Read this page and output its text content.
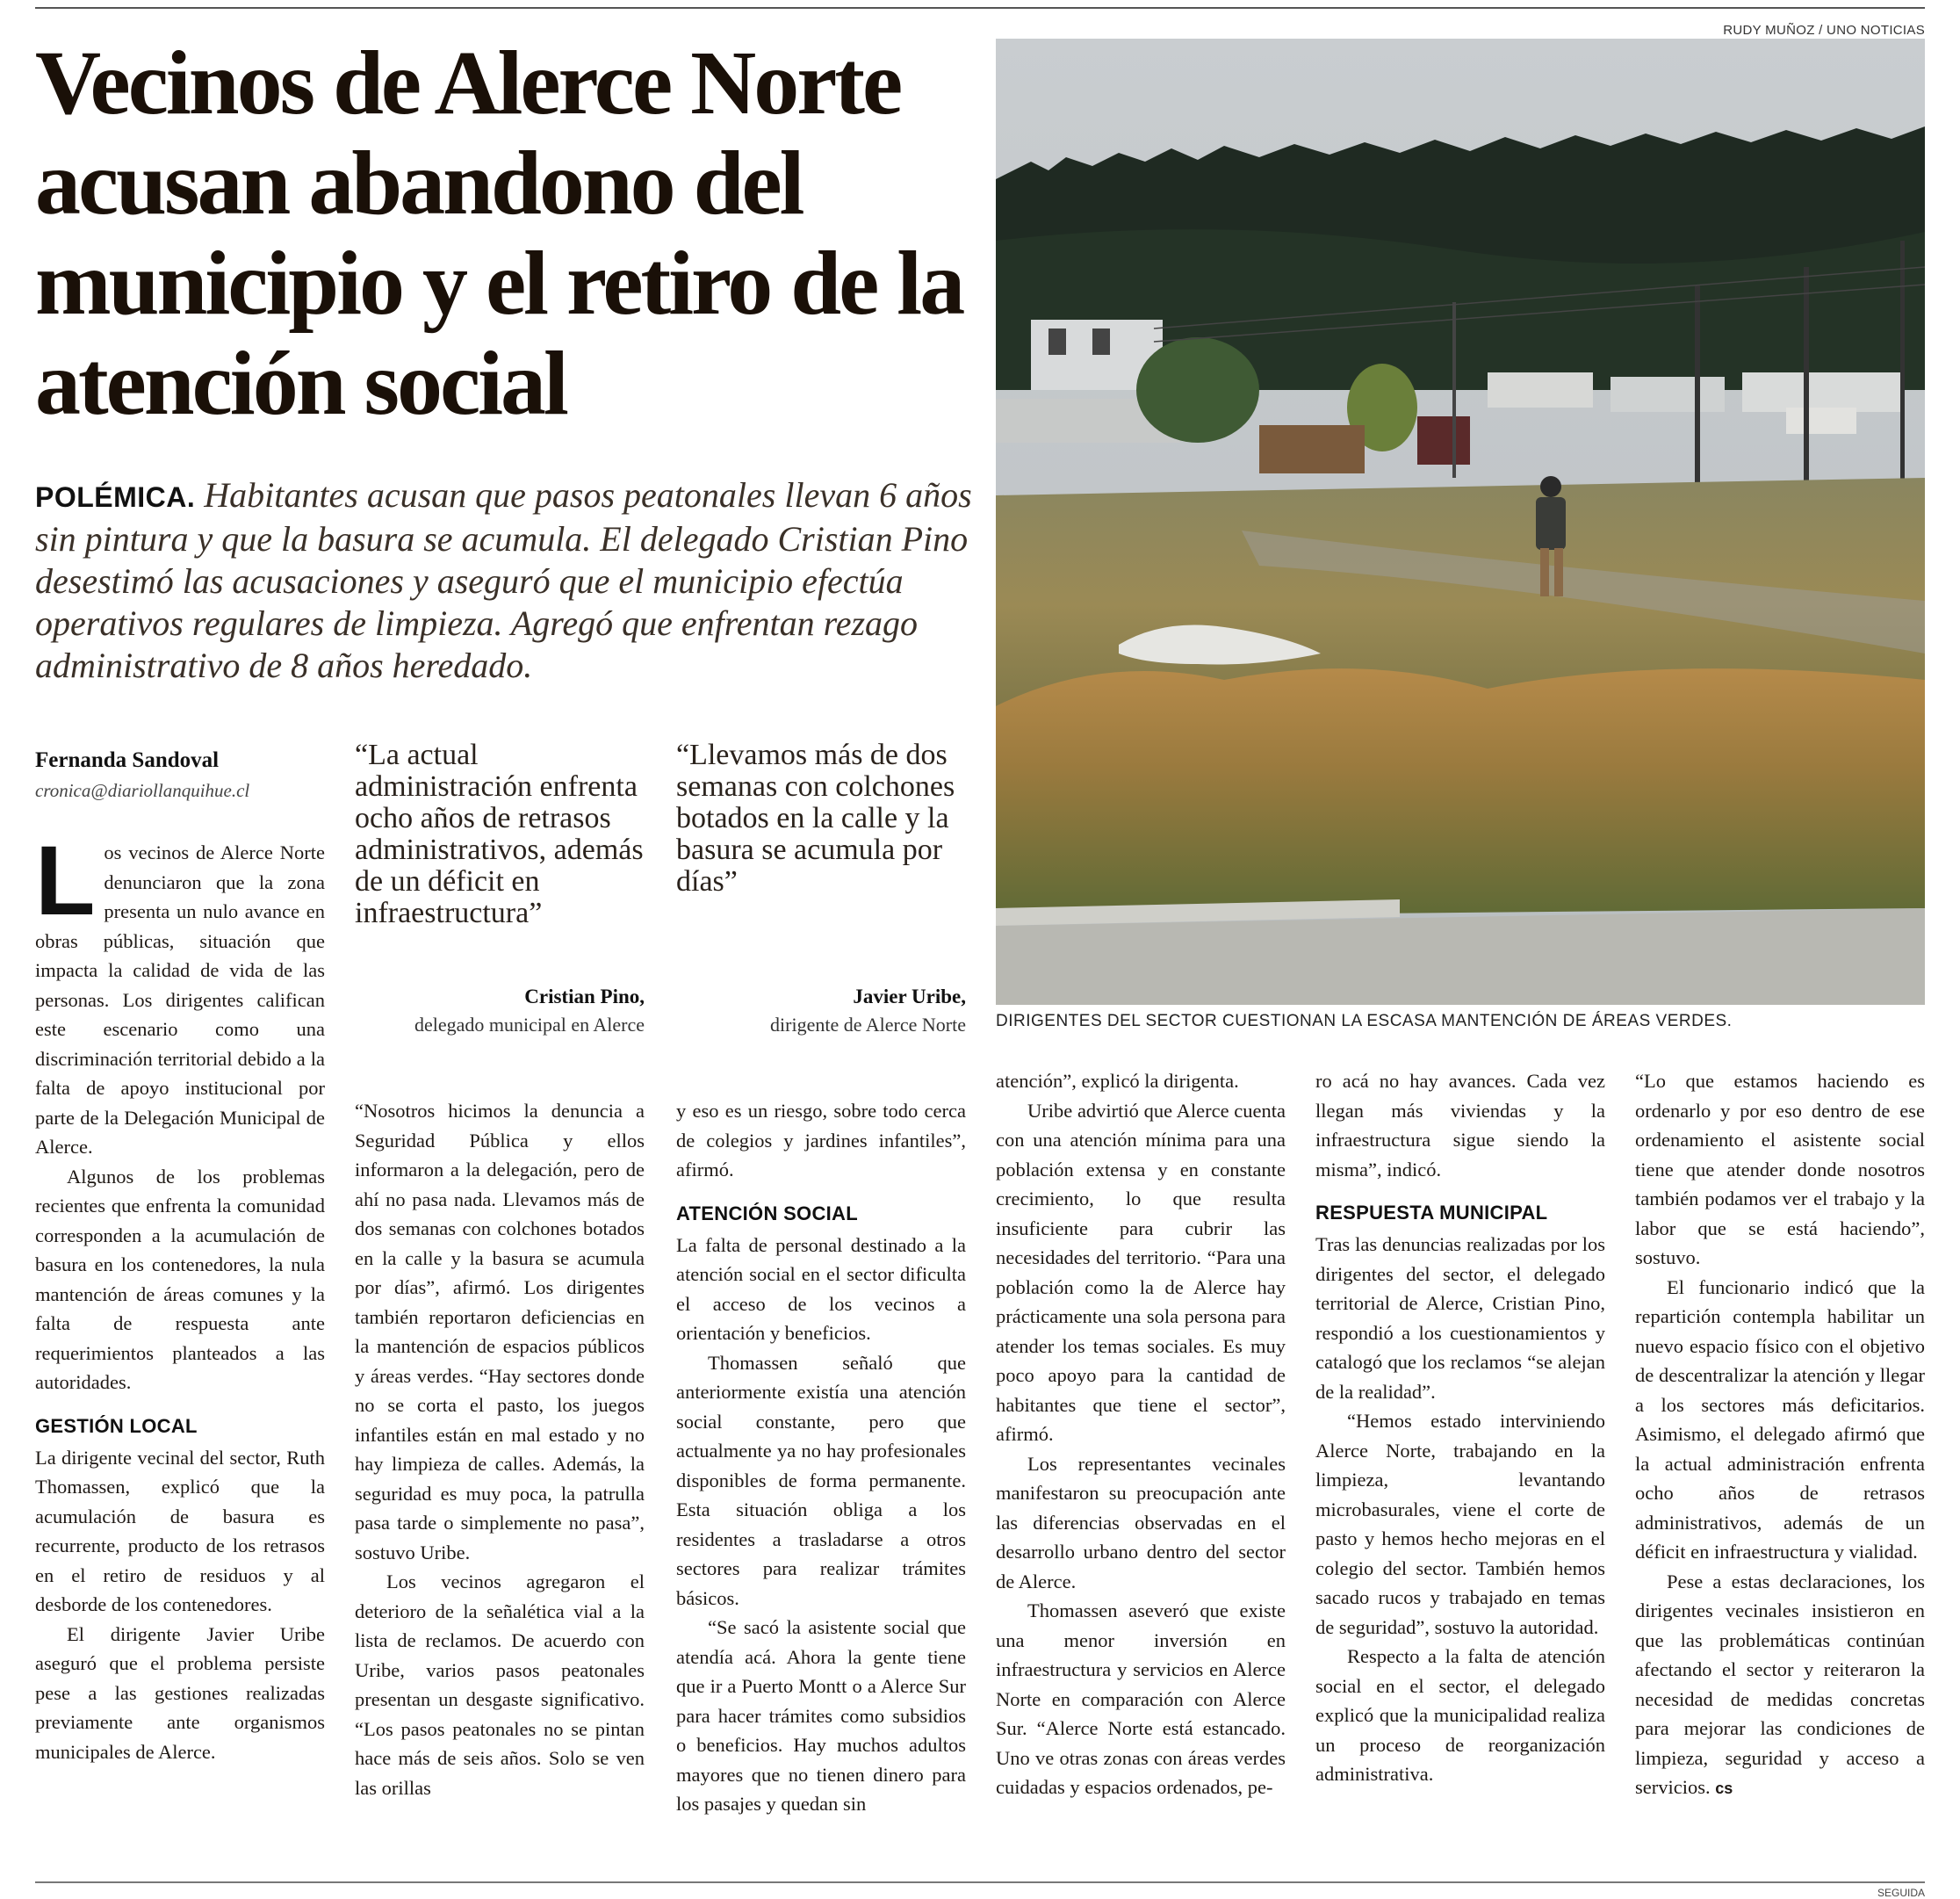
Vecinos de Alerce Norte acusan abandono del municipio y el retiro de la atención social

POLÉMICA. Habitantes acusan que pasos peatonales llevan 6 años sin pintura y que la basura se acumula. El delegado Cristian Pino desestimó las acusaciones y aseguró que el municipio efectúa operativos regulares de limpieza. Agregó que enfrentan rezago administrativo de 8 años heredado.

RUDY MUÑOZ / UNO NOTICIAS
DIRIGENTES DEL SECTOR CUESTIONAN LA ESCASA MANTENCIÓN DE ÁREAS VERDES.
Fernanda Sandoval
cronica@diariollanquihue.cl
“La actual administración enfrenta ocho años de retrasos administrativos, además de un déficit en infraestructura”
Cristian Pino,
delegado municipal en Alerce
“Llevamos más de dos semanas con colchones botados en la calle y la basura se acumula por días”
Javier Uribe,
dirigente de Alerce Norte

Los vecinos de Alerce Norte denunciaron que la zona presenta un nulo avance en obras públicas, situación que impacta la calidad de vida de las personas. Los dirigentes califican este escenario como una discriminación territorial debido a la falta de apoyo institucional por parte de la Delegación Municipal de Alerce.

Algunos de los problemas recientes que enfrenta la comunidad corresponden a la acumulación de basura en los contenedores, la nula mantención de áreas comunes y la falta de respuesta ante requerimientos planteados a las autoridades.

GESTIÓN LOCAL

La dirigente vecinal del sector, Ruth Thomassen, explicó que la acumulación de basura es recurrente, producto de los retrasos en el retiro de residuos y al desborde de los contenedores.

El dirigente Javier Uribe aseguró que el problema persiste pese a las gestiones realizadas previamente ante organismos municipales de Alerce.

“Nosotros hicimos la denuncia a Seguridad Pública y ellos informaron a la delegación, pero de ahí no pasa nada. Llevamos más de dos semanas con colchones botados en la calle y la basura se acumula por días”, afirmó. Los dirigentes también reportaron deficiencias en la mantención de espacios públicos y áreas verdes. “Hay sectores donde no se corta el pasto, los juegos infantiles están en mal estado y no hay limpieza de calles. Además, la seguridad es muy poca, la patrulla pasa tarde o simplemente no pasa”, sostuvo Uribe.

Los vecinos agregaron el deterioro de la señalética vial a la lista de reclamos. De acuerdo con Uribe, varios pasos peatonales presentan un desgaste significativo. “Los pasos peatonales no se pintan hace más de seis años. Solo se ven las orillas

y eso es un riesgo, sobre todo cerca de colegios y jardines infantiles”, afirmó.

ATENCIÓN SOCIAL

La falta de personal destinado a la atención social en el sector dificulta el acceso de los vecinos a orientación y beneficios.

Thomassen señaló que anteriormente existía una atención social constante, pero que actualmente ya no hay profesionales disponibles de forma permanente. Esta situación obliga a los residentes a trasladarse a otros sectores para realizar trámites básicos.

“Se sacó la asistente social que atendía acá. Ahora la gente tiene que ir a Puerto Montt o a Alerce Sur para hacer trámites como subsidios o beneficios. Hay muchos adultos mayores que no tienen dinero para los pasajes y quedan sin

atención”, explicó la dirigenta.

Uribe advirtió que Alerce cuenta con una atención mínima para una población extensa y en constante crecimiento, lo que resulta insuficiente para cubrir las necesidades del territorio. “Para una población como la de Alerce hay prácticamente una sola persona para atender los temas sociales. Es muy poco apoyo para la cantidad de habitantes que tiene el sector”, afirmó.

Los representantes vecinales manifestaron su preocupación ante las diferencias observadas en el desarrollo urbano dentro del sector de Alerce.

Thomassen aseveró que existe una menor inversión en infraestructura y servicios en Alerce Norte en comparación con Alerce Sur. “Alerce Norte está estancado. Uno ve otras zonas con áreas verdes cuidadas y espacios ordenados, pe-

ro acá no hay avances. Cada vez llegan más viviendas y la infraestructura sigue siendo la misma”, indicó.

RESPUESTA MUNICIPAL

Tras las denuncias realizadas por los dirigentes del sector, el delegado territorial de Alerce, Cristian Pino, respondió a los cuestionamientos y catalogó que los reclamos “se alejan de la realidad”.

“Hemos estado interviniendo Alerce Norte, trabajando en la limpieza, levantando microbasurales, viene el corte de pasto y hemos hecho mejoras en el colegio del sector. También hemos sacado rucos y trabajado en temas de seguridad”, sostuvo la autoridad.

Respecto a la falta de atención social en el sector, el delegado explicó que la municipalidad realiza un proceso de reorganización administrativa.

“Lo que estamos haciendo es ordenarlo y por eso dentro de ese ordenamiento el asistente social tiene que atender donde nosotros también podamos ver el trabajo y la labor que se está haciendo”, sostuvo.

El funcionario indicó que la repartición contempla habilitar un nuevo espacio físico con el objetivo de descentralizar la atención y llegar a los sectores más deficitarios. Asimismo, el delegado afirmó que la actual administración enfrenta ocho años de retrasos administrativos, además de un déficit en infraestructura y vialidad.

Pese a estas declaraciones, los dirigentes vecinales insistieron en que las problemáticas continúan afectando el sector y reiteraron la necesidad de medidas concretas para mejorar las condiciones de limpieza, seguridad y acceso a servicios. cs

SEGUIDA
